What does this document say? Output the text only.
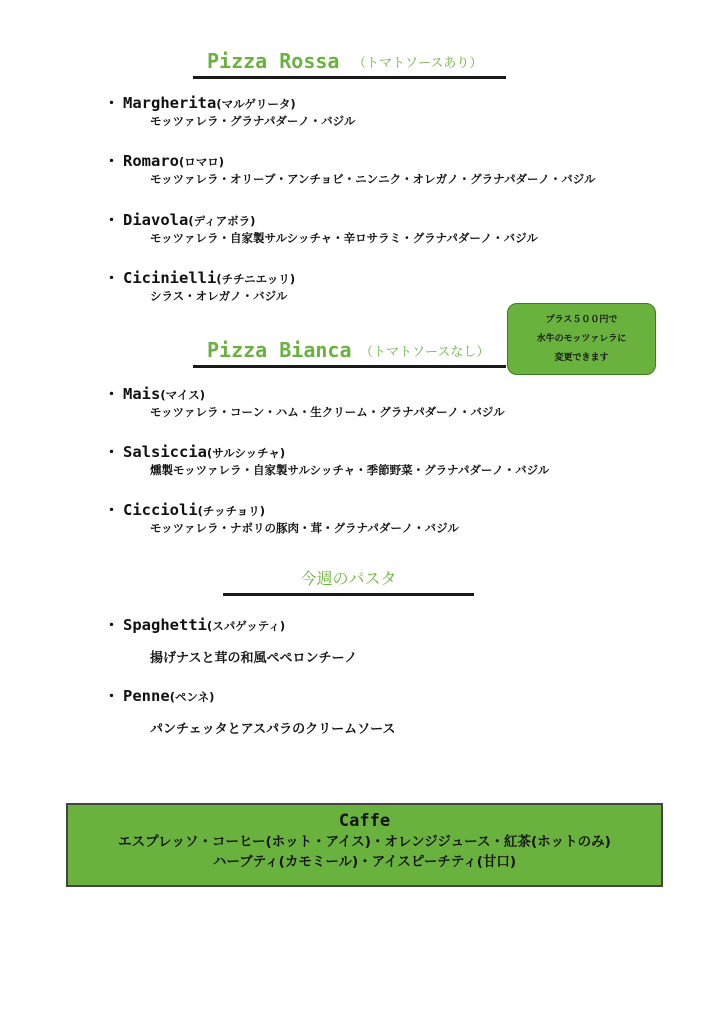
Pizza Rossa （トマトソースあり）
・ Margherita(マルゲリータ)
モッツァレラ・グラナパダーノ・バジル
・ Romaro(ロマロ)
モッツァレラ・オリーブ・アンチョビ・ニンニク・オレガノ・グラナパダーノ・バジル
・ Diavola(ディアボラ)
モッツァレラ・自家製サルシッチャ・辛ロサラミ・グラナパダーノ・バジル
・ Cicinielli(チチニエッリ)
シラス・オレガノ・バジル
プラス５００円で
水牛のモッツァレラに
変更できます
Pizza Bianca （トマトソースなし）
・ Mais(マイス)
モッツァレラ・コーン・ハム・生クリーム・グラナパダーノ・バジル
・ Salsiccia(サルシッチャ)
燻製モッツァレラ・自家製サルシッチャ・季節野菜・グラナパダーノ・バジル
・ Ciccioli(チッチョリ)
モッツァレラ・ナポリの豚肉・茸・グラナパダーノ・バジル
今週のパスタ
・ Spaghetti(スパゲッティ)
揚げナスと茸の和風ペペロンチーノ
・ Penne(ペンネ)
パンチェッタとアスパラのクリームソース
Caffe
エスプレッソ・コーヒー(ホット・アイス)・オレンジジュース・紅茶(ホットのみ)
ハーブティ(カモミール)・アイスピーチティ(甘口)
